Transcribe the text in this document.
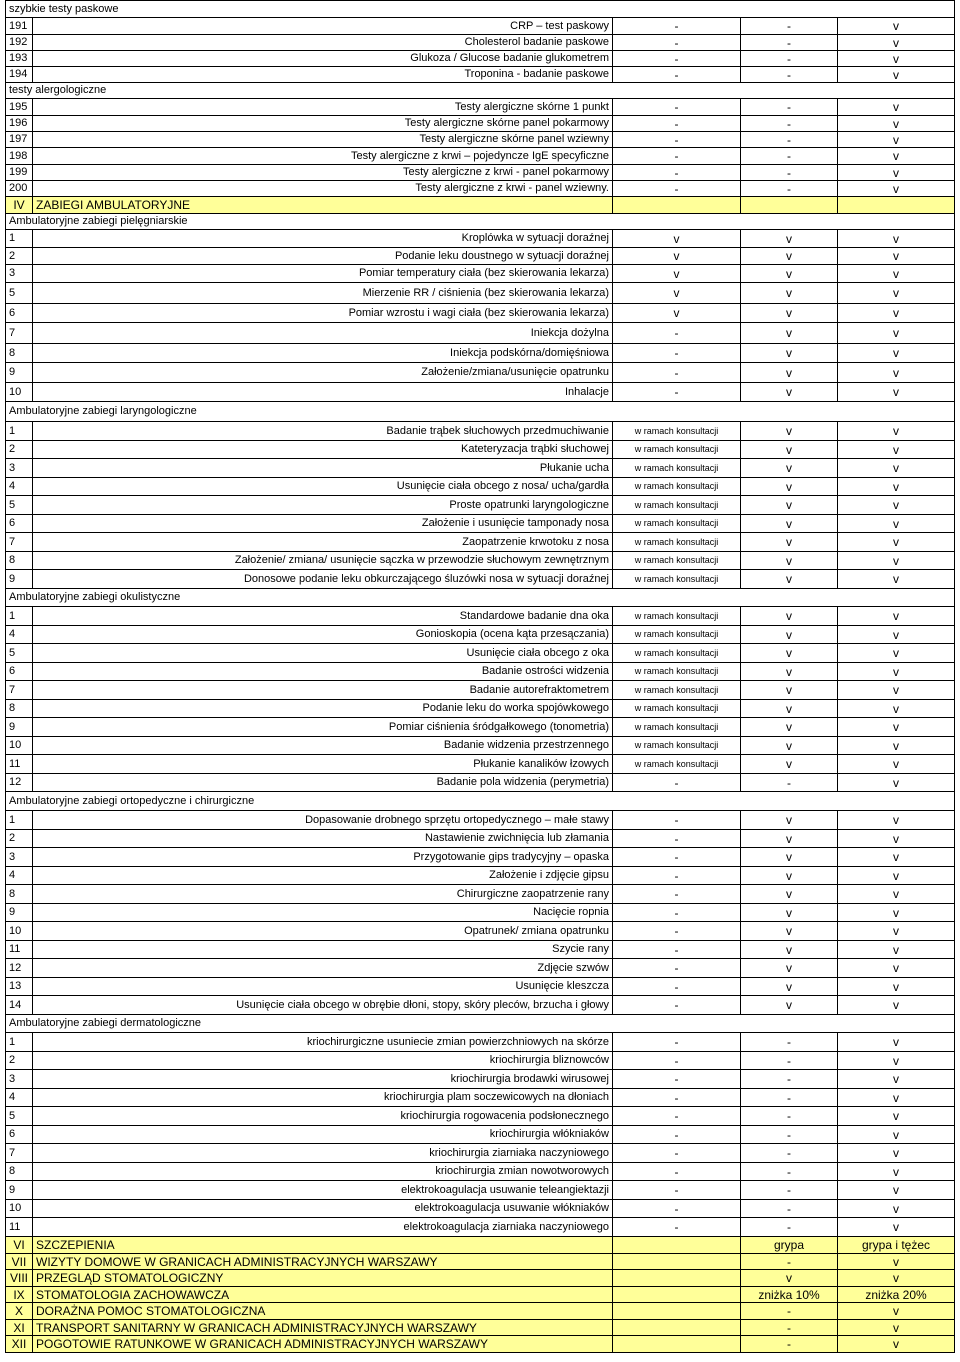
szybkie testy paskowe				
191	CRP – test paskowy	-	-	v
192	Cholesterol badanie paskowe	-	-	v
193	Glukoza / Glucose badanie glukometrem	-	-	v
194	Troponina - badanie paskowe	-	-	v
testy alergologiczne				
195	Testy alergiczne skórne 1 punkt	-	-	v
196	Testy alergiczne skórne panel pokarmowy	-	-	v
197	Testy alergiczne skórne panel wziewny	-	-	v
198	Testy alergiczne z krwi – pojedyncze IgE specyficzne	-	-	v
199	Testy alergiczne z krwi - panel pokarmowy	-	-	v
200	Testy alergiczne z krwi - panel wziewny.	-	-	v
IV	ZABIEGI AMBULATORYJNE			
Ambulatoryjne zabiegi pielęgniarskie				
1	Kroplówka w sytuacji doraźnej	v	v	v
2	Podanie leku doustnego w sytuacji doraźnej	v	v	v
3	Pomiar temperatury ciała (bez skierowania lekarza)	v	v	v
5	Mierzenie RR / ciśnienia (bez skierowania lekarza)	v	v	v
6	Pomiar wzrostu i wagi ciała (bez skierowania lekarza)	v	v	v
7	Iniekcja dożylna	-	v	v
8	Iniekcja podskórna/domięśniowa	-	v	v
9	Założenie/zmiana/usunięcie opatrunku	-	v	v
10	Inhalacje	-	v	v
Ambulatoryjne zabiegi laryngologiczne				
1	Badanie trąbek słuchowych przedmuchiwanie	w ramach konsultacji	v	v
2	Kateteryzacja trąbki słuchowej	w ramach konsultacji	v	v
3	Płukanie ucha	w ramach konsultacji	v	v
4	Usunięcie ciała obcego z nosa/ ucha/gardła	w ramach konsultacji	v	v
5	Proste opatrunki laryngologiczne	w ramach konsultacji	v	v
6	Założenie i usunięcie tamponady nosa	w ramach konsultacji	v	v
7	Zaopatrzenie krwotoku z nosa	w ramach konsultacji	v	v
8	Założenie/ zmiana/ usunięcie sączka w przewodzie słuchowym zewnętrznym	w ramach konsultacji	v	v
9	Donosowe podanie leku obkurczającego śluzówki nosa w sytuacji doraźnej	w ramach konsultacji	v	v
Ambulatoryjne zabiegi okulistyczne				
1	Standardowe badanie dna oka	w ramach konsultacji	v	v
4	Gonioskopia (ocena kąta przesączania)	w ramach konsultacji	v	v
5	Usunięcie ciała obcego z oka	w ramach konsultacji	v	v
6	Badanie ostrości widzenia	w ramach konsultacji	v	v
7	Badanie autorefraktometrem	w ramach konsultacji	v	v
8	Podanie leku do worka spojówkowego	w ramach konsultacji	v	v
9	Pomiar ciśnienia śródgałkowego (tonometria)	w ramach konsultacji	v	v
10	Badanie widzenia przestrzennego	w ramach konsultacji	v	v
11	Płukanie kanalików łzowych	w ramach konsultacji	v	v
12	Badanie pola widzenia (perymetria)	-	-	v
Ambulatoryjne zabiegi ortopedyczne i chirurgiczne				
1	Dopasowanie drobnego sprzętu ortopedycznego – małe stawy	-	v	v
2	Nastawienie zwichnięcia lub złamania	-	v	v
3	Przygotowanie gips tradycyjny – opaska	-	v	v
4	Założenie i zdjęcie gipsu	-	v	v
8	Chirurgiczne zaopatrzenie rany	-	v	v
9	Nacięcie ropnia	-	v	v
10	Opatrunek/ zmiana opatrunku	-	v	v
11	Szycie rany	-	v	v
12	Zdjęcie szwów	-	v	v
13	Usunięcie kleszcza	-	v	v
14	Usunięcie ciała obcego w obrębie dłoni, stopy, skóry pleców, brzucha i głowy	-	v	v
Ambulatoryjne zabiegi dermatologiczne				
1	kriochirurgiczne usuniecie zmian powierzchniowych na skórze	-	-	v
2	kriochirurgia bliznowców	-	-	v
3	kriochirurgia brodawki wirusowej	-	-	v
4	kriochirurgia plam soczewicowych na dłoniach	-	-	v
5	kriochirurgia rogowacenia podsłonecznego	-	-	v
6	kriochirurgia włókniaków	-	-	v
7	kriochirurgia ziarniaka naczyniowego	-	-	v
8	kriochirurgia zmian nowotworowych	-	-	v
9	elektrokoagulacja usuwanie teleangiektazji	-	-	v
10	elektrokoagulacja usuwanie włókniaków	-	-	v
11	elektrokoagulacja ziarniaka naczyniowego	-	-	v
VI	SZCZEPIENIA		grypa	grypa i tężec
VII	WIZYTY DOMOWE W GRANICACH ADMINISTRACYJNYCH WARSZAWY		-	v
VIII	PRZEGLĄD STOMATOLOGICZNY		v	v
IX	STOMATOLOGIA ZACHOWAWCZA		zniżka 10%	zniżka 20%
X	DORAŻNA POMOC STOMATOLOGICZNA		-	v
XI	TRANSPORT SANITARNY W GRANICACH ADMINISTRACYJNYCH WARSZAWY		-	v
XII	POGOTOWIE RATUNKOWE W GRANICACH ADMINISTRACYJNYCH WARSZAWY		-	v
